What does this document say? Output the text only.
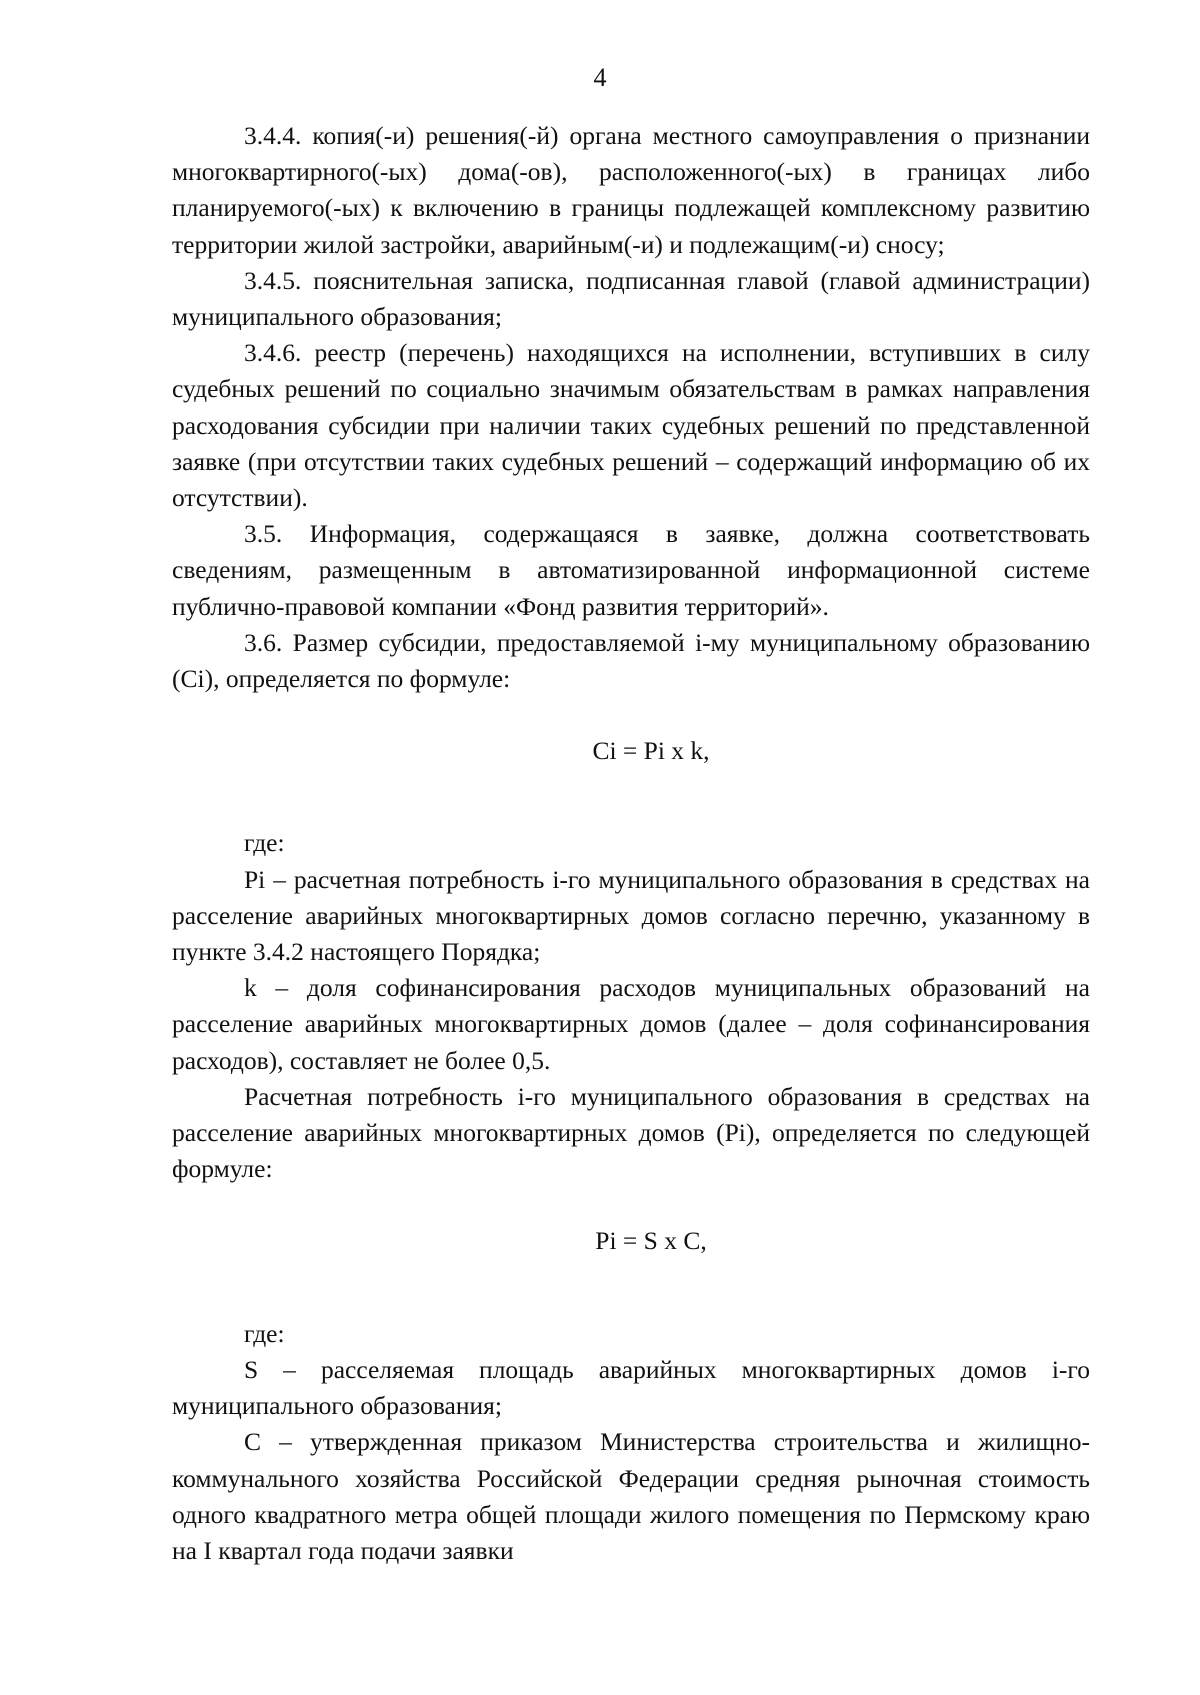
4

3.4.4. копия(-и) решения(-й) органа местного самоуправления о признании многоквартирного(-ых) дома(-ов), расположенного(-ых) в границах либо планируемого(-ых) к включению в границы подлежащей комплексному развитию территории жилой застройки, аварийным(-и) и подлежащим(-и) сносу;

3.4.5. пояснительная записка, подписанная главой (главой администрации) муниципального образования;

3.4.6. реестр (перечень) находящихся на исполнении, вступивших в силу судебных решений по социально значимым обязательствам в рамках направления расходования субсидии при наличии таких судебных решений по представленной заявке (при отсутствии таких судебных решений – содержащий информацию об их отсутствии).

3.5. Информация, содержащаяся в заявке, должна соответствовать сведениям, размещенным в автоматизированной информационной системе публично-правовой компании «Фонд развития территорий».

3.6. Размер субсидии, предоставляемой i-му муниципальному образованию (Ci), определяется по формуле:

Ci = Pi x k,

где:

Pi – расчетная потребность i-го муниципального образования в средствах на расселение аварийных многоквартирных домов согласно перечню, указанному в пункте 3.4.2 настоящего Порядка;

k – доля софинансирования расходов муниципальных образований на расселение аварийных многоквартирных домов (далее – доля софинансирования расходов), составляет не более 0,5.

Расчетная потребность i-го муниципального образования в средствах на расселение аварийных многоквартирных домов (Pi), определяется по следующей формуле:

Pi = S x C,

где:

S – расселяемая площадь аварийных многоквартирных домов i-го муниципального образования;

C – утвержденная приказом Министерства строительства и жилищно-коммунального хозяйства Российской Федерации средняя рыночная стоимость одного квадратного метра общей площади жилого помещения по Пермскому краю на I квартал года подачи заявки
